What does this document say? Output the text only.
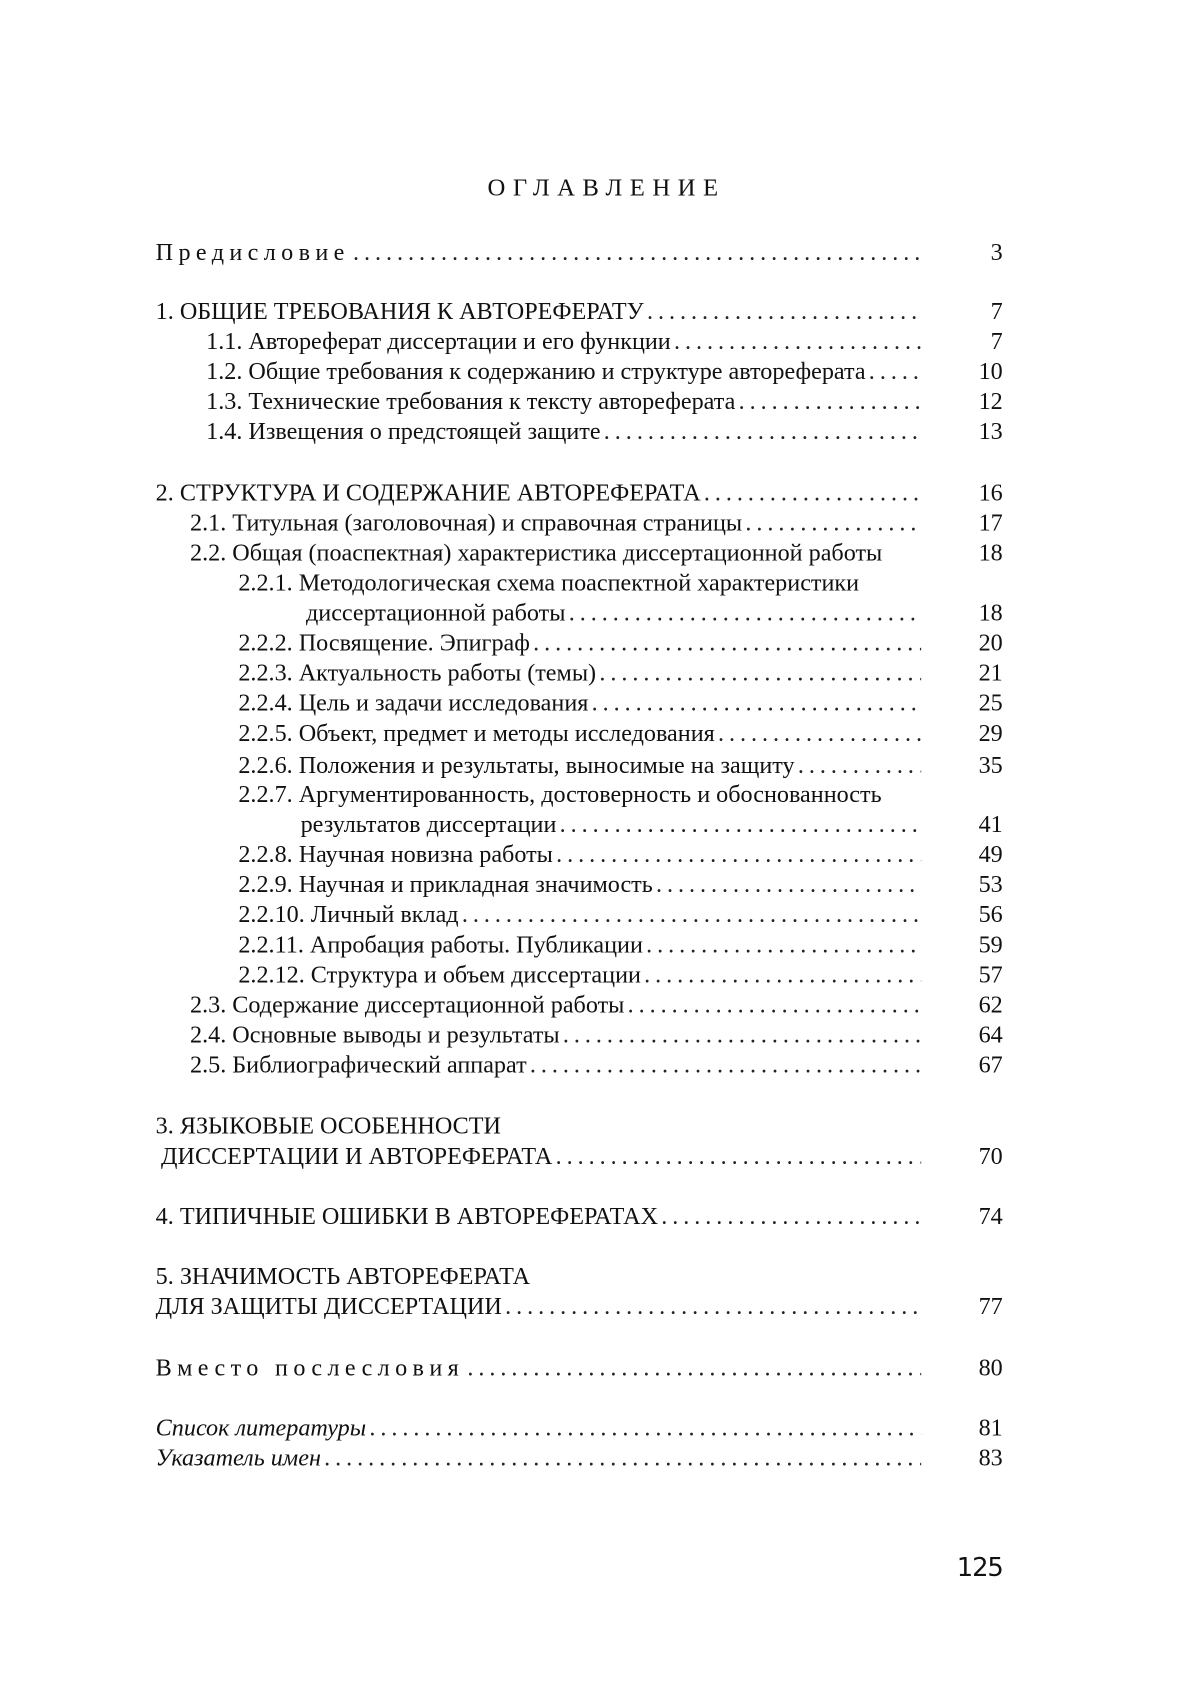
ОГЛАВЛЕНИЕ
Предисловие . . .	3
1. ОБЩИЕ ТРЕБОВАНИЯ К АВТОРЕФЕРАТУ . . .	7
1.1. Автореферат диссертации и его функции . . .	7
1.2. Общие требования к содержанию и структуре автореферата . . .	10
1.3. Технические требования к тексту автореферата . . .	12
1.4. Извещения о предстоящей защите . . .	13
2. СТРУКТУРА И СОДЕРЖАНИЕ АВТОРЕФЕРАТА . . .	16
2.1. Титульная (заголовочная) и справочная страницы . . .	17
2.2. Общая (поаспектная) характеристика диссертационной работы	18
2.2.1. Методологическая схема поаспектной характеристики
диссертационной работы . . .	18
2.2.2. Посвящение. Эпиграф . . .	20
2.2.3. Актуальность работы (темы) . . .	21
2.2.4. Цель и задачи исследования . . .	25
2.2.5. Объект, предмет и методы исследования . . .	29
2.2.6. Положения и результаты, выносимые на защиту . . .	35
2.2.7. Аргументированность, достоверность и обоснованность
результатов диссертации . . .	41
2.2.8. Научная новизна работы . . .	49
2.2.9. Научная и прикладная значимость . . .	53
2.2.10. Личный вклад . . .	56
2.2.11. Апробация работы. Публикации . . .	59
2.2.12. Структура и объем диссертации . . .	57
2.3. Содержание диссертационной работы . . .	62
2.4. Основные выводы и результаты . . .	64
2.5. Библиографический аппарат . . .	67
3. ЯЗЫКОВЫЕ ОСОБЕННОСТИ
ДИССЕРТАЦИИ И АВТОРЕФЕРАТА . . .	70
4. ТИПИЧНЫЕ ОШИБКИ В АВТОРЕФЕРАТАХ . . .	74
5. ЗНАЧИМОСТЬ АВТОРЕФЕРАТА
ДЛЯ ЗАЩИТЫ ДИССЕРТАЦИИ . . .	77
Вместо послесловия . . .	80
Список литературы . . .	81
Указатель имен . . .	83
125
